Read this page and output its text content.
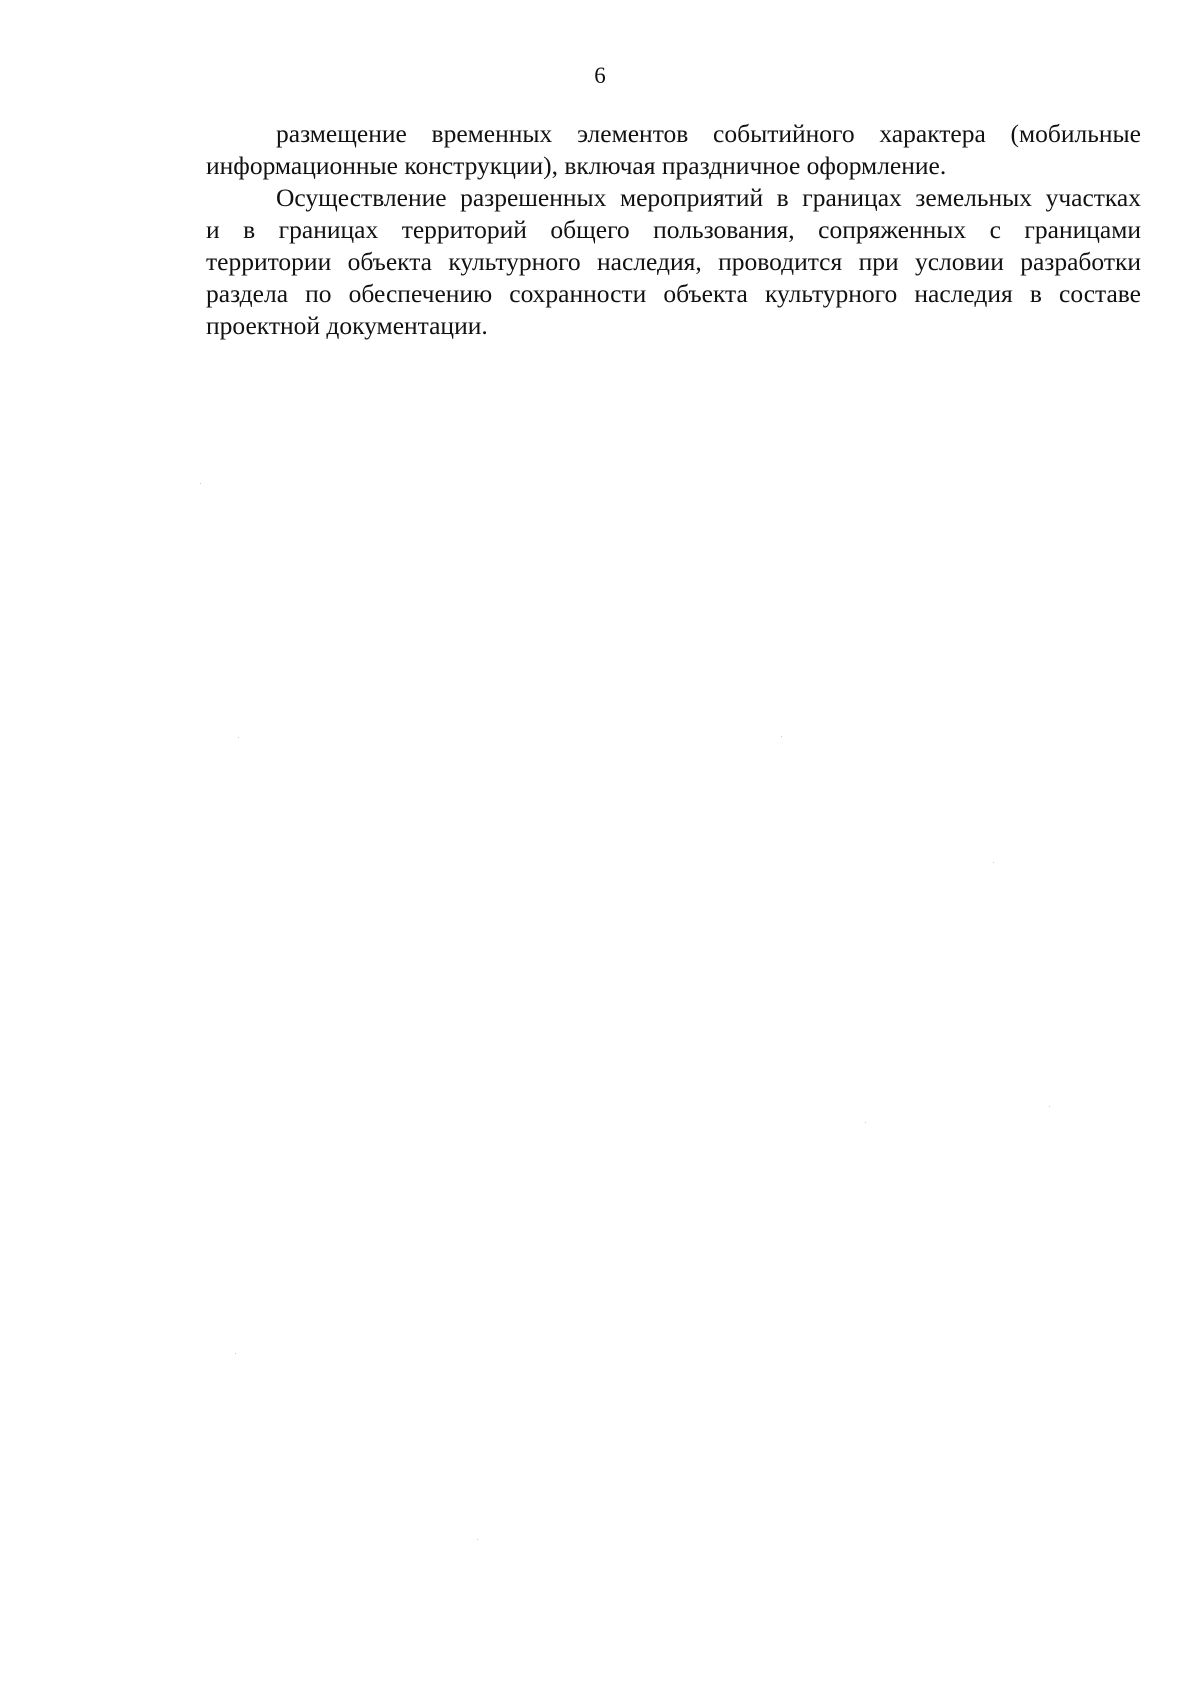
6

размещение временных элементов событийного характера (мобильные
информационные конструкции), включая праздничное оформление.

Осуществление разрешенных мероприятий в границах земельных участках
и в границах территорий общего пользования, сопряженных с границами
территории объекта культурного наследия, проводится при условии разработки
раздела по обеспечению сохранности объекта культурного наследия в составе
проектной документации.
